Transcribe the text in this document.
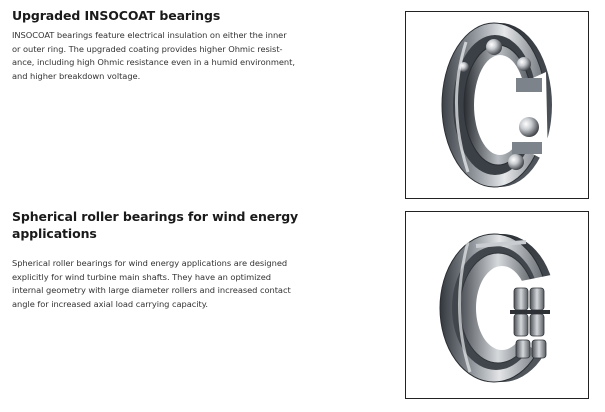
Upgraded INSOCOAT bearings

INSOCOAT bearings feature electrical insulation on either the inner
or outer ring. The upgraded coating provides higher Ohmic resist-
ance, including high Ohmic resistance even in a humid environment,
and higher breakdown voltage.

Spherical roller bearings for wind energy
applications

Spherical roller bearings for wind energy applications are designed
explicitly for wind turbine main shafts. They have an optimized
internal geometry with large diameter rollers and increased contact
angle for increased axial load carrying capacity.
